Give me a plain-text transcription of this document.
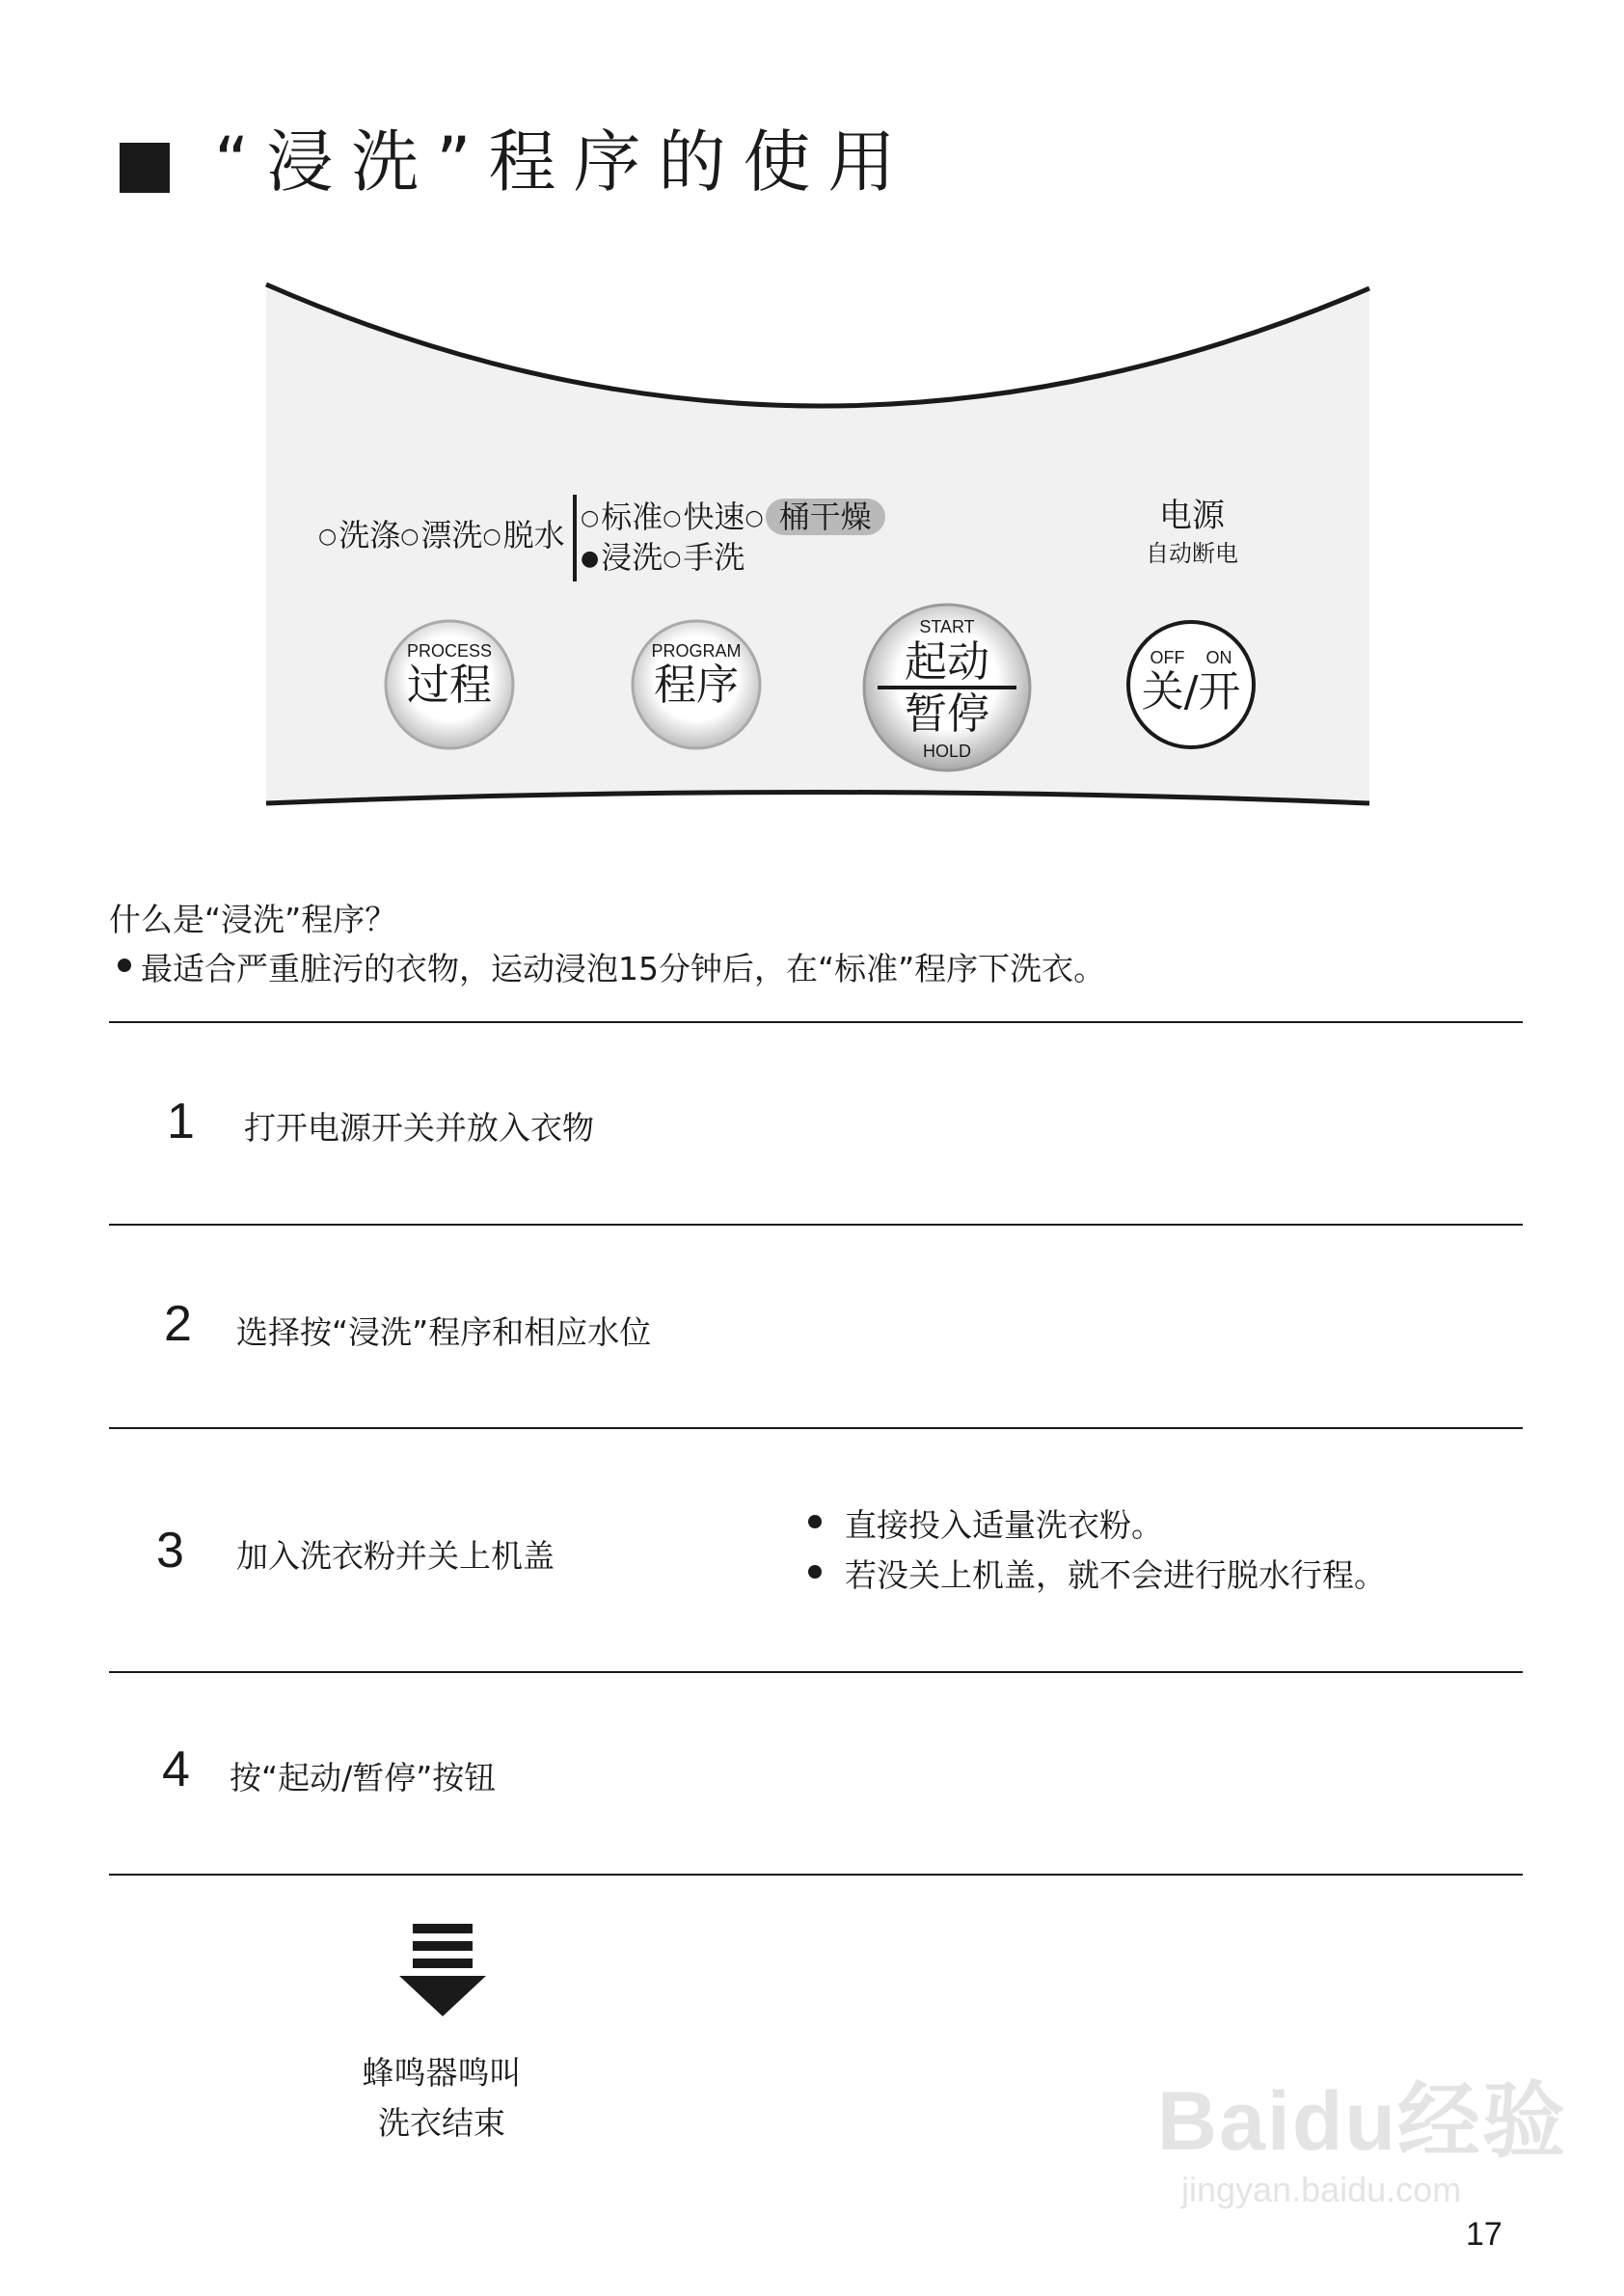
“浸洗”程序的使用
○洗涤○漂洗○脱水 ○标准○快速○ 桶干燥
●浸洗○手洗
电源
自动断电
PROCESS
过程
PROGRAM
程序
START
起动
暂停
HOLD
OFF ON
关/开
什么是“浸洗”程序？
最适合严重脏污的衣物，运动浸泡15分钟后，在“标准”程序下洗衣。
1 打开电源开关并放入衣物
2 选择按“浸洗”程序和相应水位
3 加入洗衣粉并关上机盖
直接投入适量洗衣粉。
若没关上机盖，就不会进行脱水行程。
4 按“起动/暂停”按钮
蜂鸣器鸣叫
洗衣结束	Baidu经验
jingyan.baidu.com
17
